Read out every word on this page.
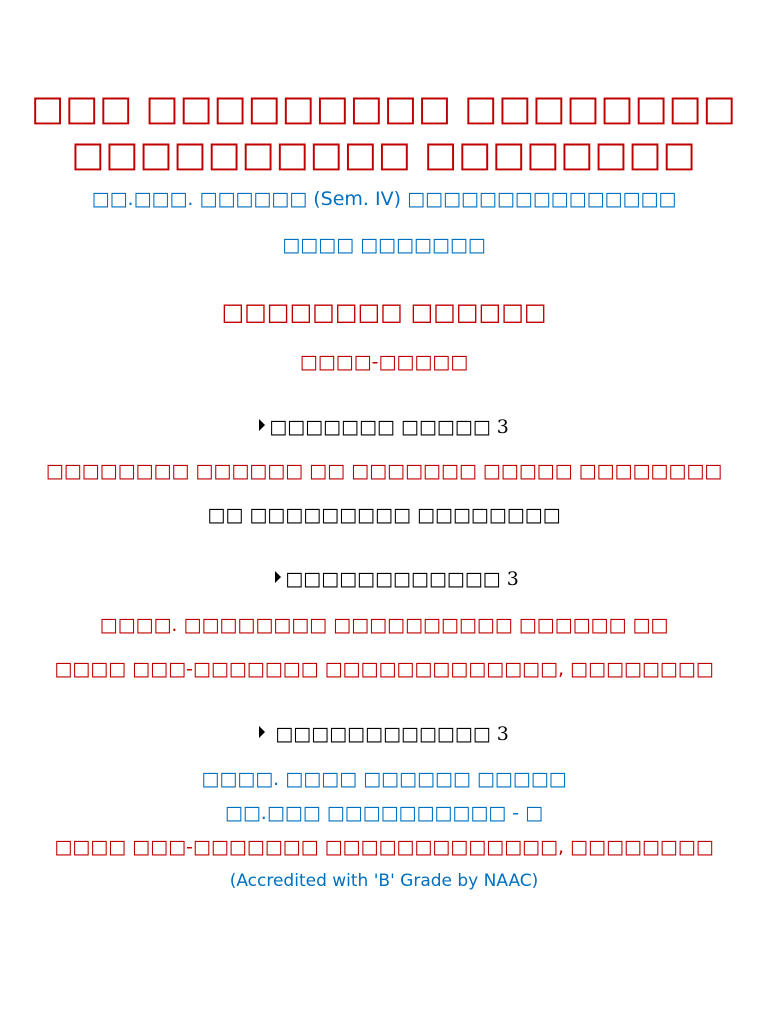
□□□ □□□□□□□□□ □□□□□□□□
□□□□□□□□□□ □□□□□□□□
□□.□□□. □□□□□□ (Sem. IV) □□□□□□□□□□□□□□□
□□□□ □□□□□□□
□□□□□□□□ □□□□□□
□□□□-□□□□□
□□□□□□□ □□□□□ 3
□□□□□□□□ □□□□□□ □□ □□□□□□□ □□□□□ □□□□□□□□
□□ □□□□□□□□□ □□□□□□□□
□□□□□□□□□□□□ 3
□□□□. □□□□□□□□ □□□□□□□□□□ □□□□□□ □□
□□□□ □□□-□□□□□□□ □□□□□□□□□□□□□, □□□□□□□□
□□□□□□□□□□□□ 3
□□□□. □□□□ □□□□□□ □□□□□
□□.□□□ □□□□□□□□□□ - □
□□□□ □□□-□□□□□□□ □□□□□□□□□□□□□, □□□□□□□□
(Accredited with 'B' Grade by NAAC)
